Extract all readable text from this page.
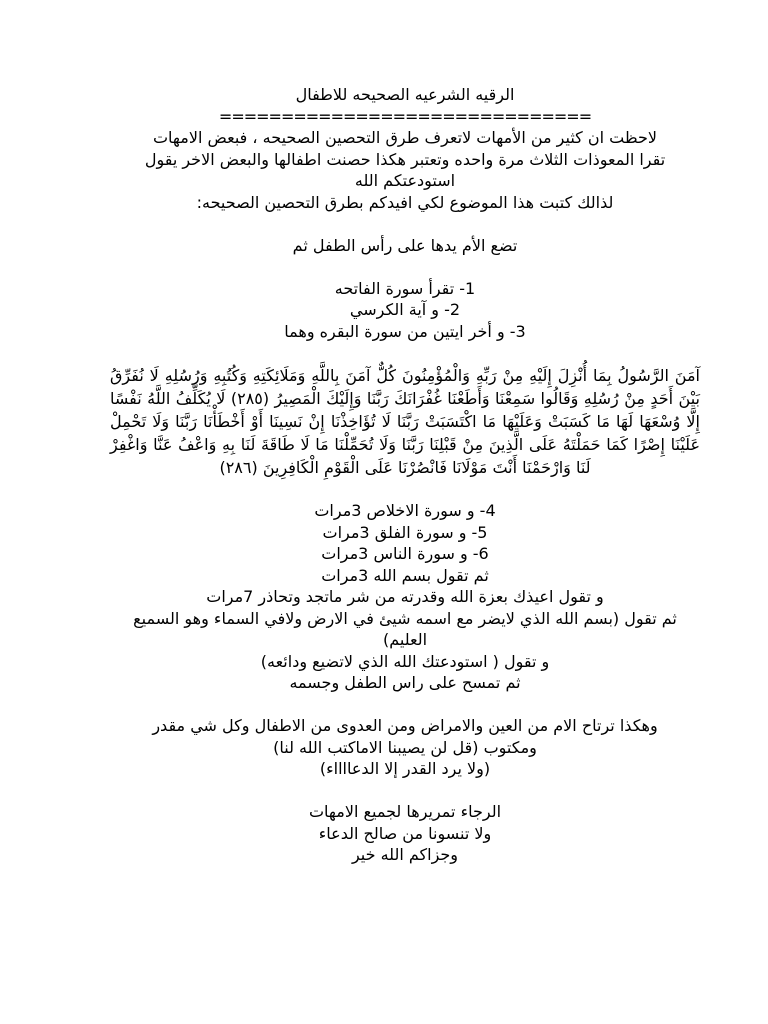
الرقيه الشرعيه الصحيحه للاطفال
==============================
لاحظت ان كثير من الأمهات لاتعرف طرق التحصين الصحيحه ، فبعض الامهات
تقرا المعوذات الثلاث مرة واحده وتعتبر هكذا حصنت اطفالها والبعض الاخر يقول
استودعتكم الله
لذالك كتبت هذا الموضوع لكي افيدكم بطرق التحصين الصحيحه:
تضع الأم يدها على رأس الطفل ثم
1- تقرأ سورة الفاتحه
2- و آية الكرسي
3- و أخر ايتين من سورة البقره وهما
آمَنَ الرَّسُولُ بِمَا أُنْزِلَ إِلَيْهِ مِنْ رَبِّهِ وَالْمُؤْمِنُونَ كُلٌّ آمَنَ بِاللَّهِ وَمَلَائِكَتِهِ وَكُتُبِهِ وَرُسُلِهِ لَا نُفَرِّقُ بَيْنَ أَحَدٍ مِنْ رُسُلِهِ وَقَالُوا سَمِعْنَا وَأَطَعْنَا غُفْرَانَكَ رَبَّنَا وَإِلَيْكَ الْمَصِيرُ (٢٨٥) لَا يُكَلِّفُ اللَّهُ نَفْسًا إِلَّا وُسْعَهَا لَهَا مَا كَسَبَتْ وَعَلَيْهَا مَا اكْتَسَبَتْ رَبَّنَا لَا تُؤَاخِذْنَا إِنْ نَسِينَا أَوْ أَخْطَأْنَا رَبَّنَا وَلَا تَحْمِلْ عَلَيْنَا إِصْرًا كَمَا حَمَلْتَهُ عَلَى الَّذِينَ مِنْ قَبْلِنَا رَبَّنَا وَلَا تُحَمِّلْنَا مَا لَا طَاقَةَ لَنَا بِهِ وَاعْفُ عَنَّا وَاغْفِرْ لَنَا وَارْحَمْنَا أَنْتَ مَوْلَانَا فَانْصُرْنَا عَلَى الْقَوْمِ الْكَافِرِينَ (٢٨٦)
4- و سورة الاخلاص 3مرات
5- و سورة الفلق 3مرات
6- و سورة الناس 3مرات
ثم تقول بسم الله 3مرات
و تقول اعيذك بعزة الله وقدرته من شر ماتجد وتحاذر 7مرات
ثم تقول (بسم الله الذي لايضر مع اسمه شيئ في الارض ولافي السماء وهو السميع العليم)
و تقول ( استودعتك الله الذي لاتضيع ودائعه)
ثم تمسح على راس الطفل وجسمه
وهكذا ترتاح الام من العين والامراض ومن العدوى من الاطفال وكل شي مقدر
ومكتوب (قل لن يصيبنا الاماكتب الله لنا)
(ولا يرد القدر إلا الدعااااء)
الرجاء تمريرها لجميع الامهات
ولا تنسونا من صالح الدعاء
وجزاكم الله خير
